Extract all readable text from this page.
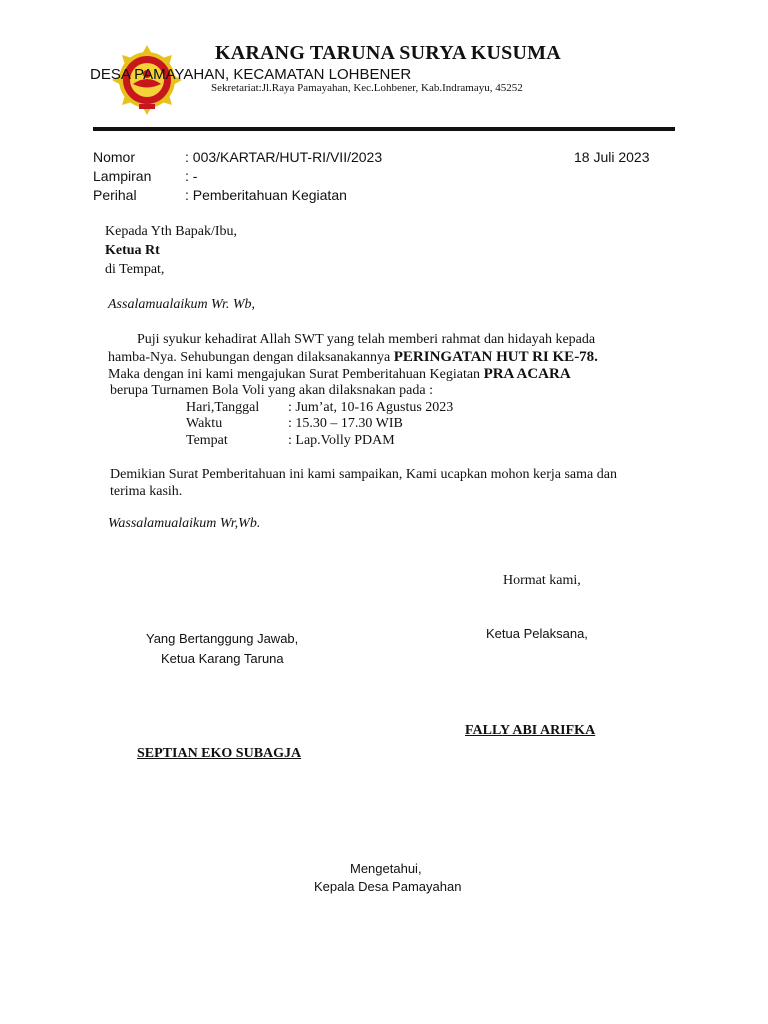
KARANG TARUNA SURYA KUSUMA
DESA PAMAYAHAN, KECAMATAN LOHBENER
Sekretariat:Jl.Raya Pamayahan, Kec.Lohbener, Kab.Indramayu, 45252
Nomor	: 003/KARTAR/HUT-RI/VII/2023	18 Juli 2023
Lampiran : -
Perihal	: Pemberitahuan Kegiatan
Kepada Yth Bapak/Ibu,
Ketua Rt
di Tempat,
Assalamualaikum Wr. Wb,
Puji syukur kehadirat Allah SWT yang telah memberi rahmat dan hidayah kepada
hamba-Nya. Sehubungan dengan dilaksanakannya PERINGATAN HUT RI KE-78.
Maka dengan ini kami mengajukan Surat Pemberitahuan Kegiatan PRA ACARA
berupa Turnamen Bola Voli yang akan dilaksnakan pada :
Hari,Tanggal : Jum’at, 10-16 Agustus 2023
Waktu	: 15.30 – 17.30 WIB
Tempat	: Lap.Volly PDAM
Demikian Surat Pemberitahuan ini kami sampaikan, Kami ucapkan mohon kerja sama dan
terima kasih.
Wassalamualaikum Wr,Wb.
Hormat kami,
Yang Bertanggung Jawab,
Ketua Karang Taruna
Ketua Pelaksana,
FALLY ABI ARIFKA
SEPTIAN EKO SUBAGJA
Mengetahui,
Kepala Desa Pamayahan
